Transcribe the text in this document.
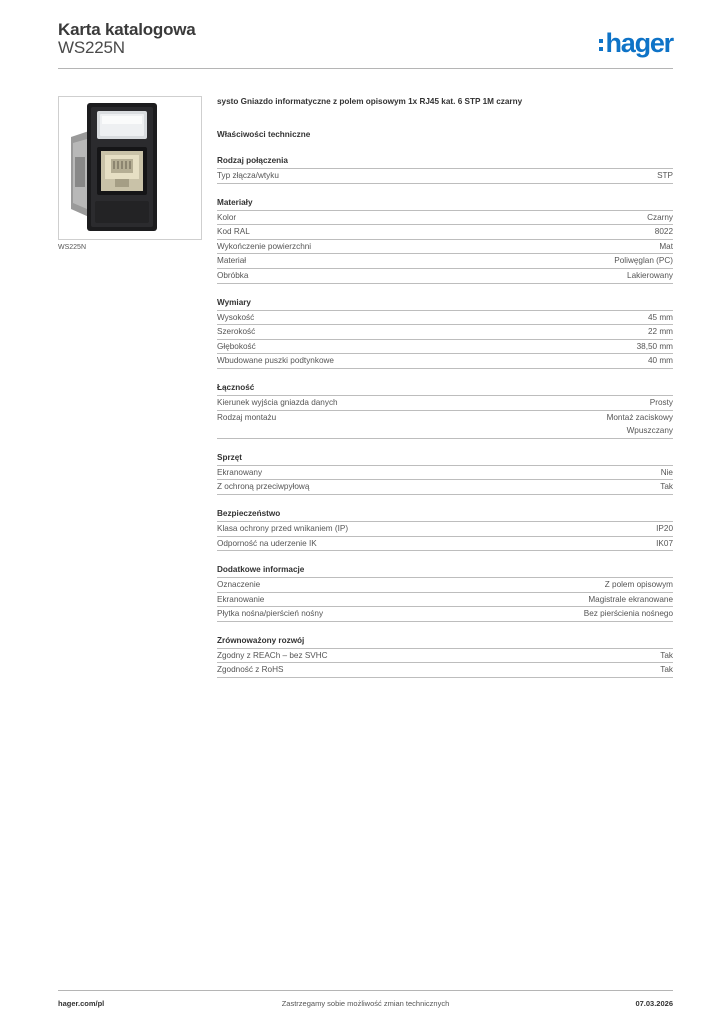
Karta katalogowa
WS225N	hager
WS225N
systo Gniazdo informatyczne z polem opisowym 1x RJ45 kat. 6 STP 1M czarny
Właściwości techniczne
Rodzaj połączenia
Typ złącza/wtyku	STP
Materiały
Kolor	Czarny
Kod RAL	8022
Wykończenie powierzchni	Mat
Materiał	Poliwęglan (PC)
Obróbka	Lakierowany
Wymiary
Wysokość	45 mm
Szerokość	22 mm
Głębokość	38,50 mm
Wbudowane puszki podtynkowe	40 mm
Łączność
Kierunek wyjścia gniazda danych	Prosty
Rodzaj montażu	Montaż zaciskowy
Wpuszczany
Sprzęt
Ekranowany	Nie
Z ochroną przeciwpyłową	Tak
Bezpieczeństwo
Klasa ochrony przed wnikaniem (IP)	IP20
Odporność na uderzenie IK	IK07
Dodatkowe informacje
Oznaczenie	Z polem opisowym
Ekranowanie	Magistrale ekranowane
Płytka nośna/pierścień nośny	Bez pierścienia nośnego
Zrównoważony rozwój
Zgodny z REACh – bez SVHC	Tak
Zgodność z RoHS	Tak
hager.com/pl	Zastrzegamy sobie możliwość zmian technicznych	07.03.2026
